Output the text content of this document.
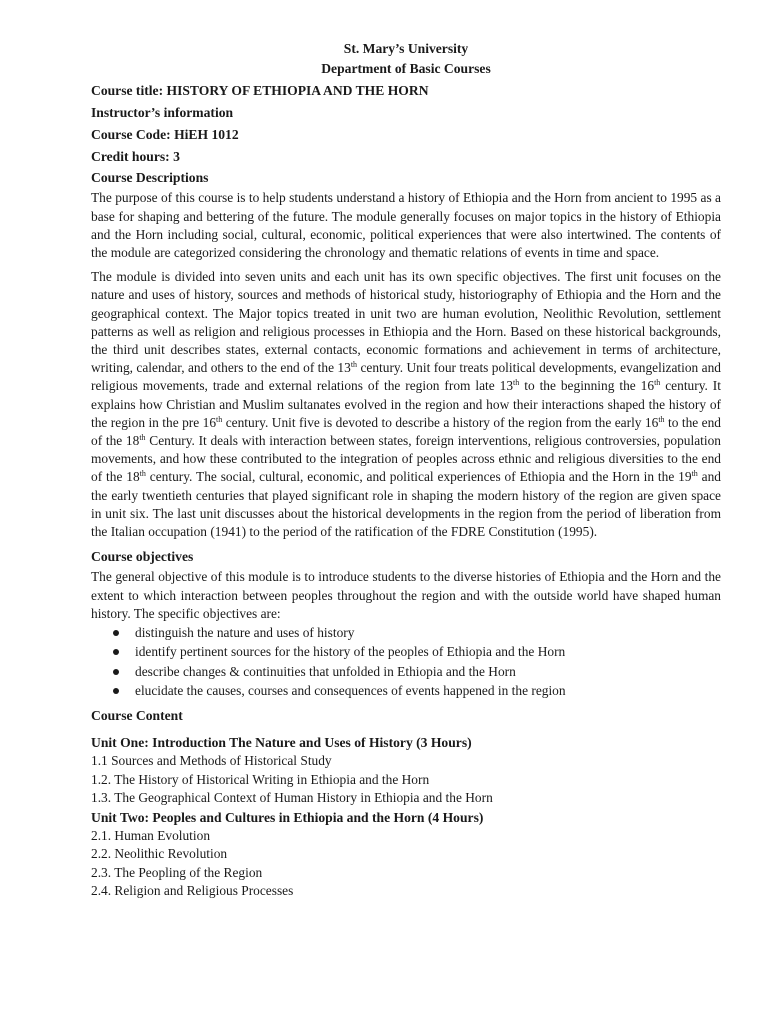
St. Mary’s University
Department of Basic Courses
Course title: HISTORY OF ETHIOPIA AND THE HORN
Instructor’s information
Course Code: HiEH 1012
Credit hours: 3
Course Descriptions

The purpose of this course is to help students understand a history of Ethiopia and the Horn from ancient to 1995 as a base for shaping and bettering of the future. The module generally focuses on major topics in the history of Ethiopia and the Horn including social, cultural, economic, political experiences that were also intertwined. The contents of the module are categorized considering the chronology and thematic relations of events in time and space.

The module is divided into seven units and each unit has its own specific objectives. The first unit focuses on the nature and uses of history, sources and methods of historical study, historiography of Ethiopia and the Horn and the geographical context. The Major topics treated in unit two are human evolution, Neolithic Revolution, settlement patterns as well as religion and religious processes in Ethiopia and the Horn. Based on these historical backgrounds, the third unit describes states, external contacts, economic formations and achievement in terms of architecture, writing, calendar, and others to the end of the 13th century. Unit four treats political developments, evangelization and religious movements, trade and external relations of the region from late 13th to the beginning the 16th century. It explains how Christian and Muslim sultanates evolved in the region and how their interactions shaped the history of the region in the pre 16th century. Unit five is devoted to describe a history of the region from the early 16th to the end of the 18th Century. It deals with interaction between states, foreign interventions, religious controversies, population movements, and how these contributed to the integration of peoples across ethnic and religious diversities to the end of the 18th century. The social, cultural, economic, and political experiences of Ethiopia and the Horn in the 19th and the early twentieth centuries that played significant role in shaping the modern history of the region are given space in unit six. The last unit discusses about the historical developments in the region from the period of liberation from the Italian occupation (1941) to the period of the ratification of the FDRE Constitution (1995).

Course objectives

The general objective of this module is to introduce students to the diverse histories of Ethiopia and the Horn and the extent to which interaction between peoples throughout the region and with the outside world have shaped human history. The specific objectives are:

distinguish the nature and uses of history
identify pertinent sources for the history of the peoples of Ethiopia and the Horn
describe changes & continuities that unfolded in Ethiopia and the Horn
elucidate the causes, courses and consequences of events happened in the region
Course Content
Unit One: Introduction The Nature and Uses of History (3 Hours)
1.1 Sources and Methods of Historical Study
1.2. The History of Historical Writing in Ethiopia and the Horn
1.3. The Geographical Context of Human History in Ethiopia and the Horn
Unit Two: Peoples and Cultures in Ethiopia and the Horn (4 Hours)
2.1. Human Evolution
2.2. Neolithic Revolution
2.3. The Peopling of the Region
2.4. Religion and Religious Processes
